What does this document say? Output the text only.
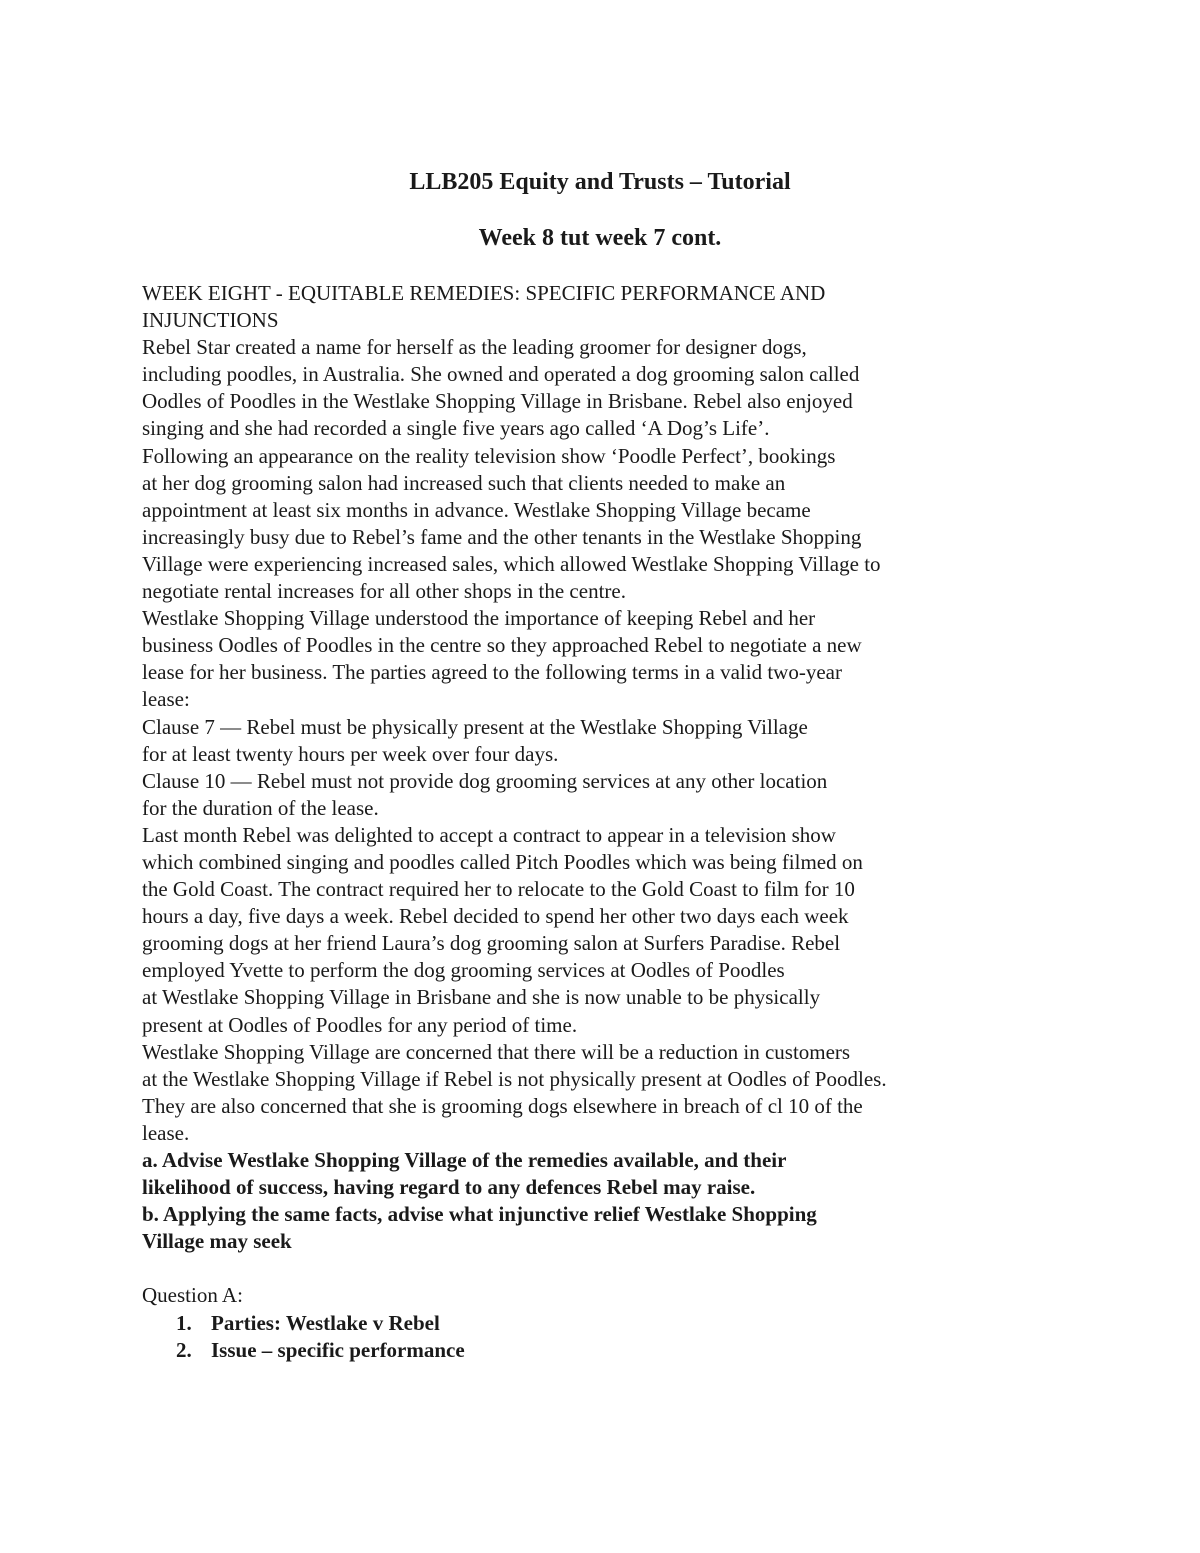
LLB205 Equity and Trusts – Tutorial
Week 8 tut week 7 cont.
WEEK EIGHT - EQUITABLE REMEDIES: SPECIFIC PERFORMANCE AND
INJUNCTIONS
Rebel Star created a name for herself as the leading groomer for designer dogs,
including poodles, in Australia. She owned and operated a dog grooming salon called
Oodles of Poodles in the Westlake Shopping Village in Brisbane. Rebel also enjoyed
singing and she had recorded a single five years ago called ‘A Dog’s Life’.
Following an appearance on the reality television show ‘Poodle Perfect’, bookings
at her dog grooming salon had increased such that clients needed to make an
appointment at least six months in advance. Westlake Shopping Village became
increasingly busy due to Rebel’s fame and the other tenants in the Westlake Shopping
Village were experiencing increased sales, which allowed Westlake Shopping Village to
negotiate rental increases for all other shops in the centre.
Westlake Shopping Village understood the importance of keeping Rebel and her
business Oodles of Poodles in the centre so they approached Rebel to negotiate a new
lease for her business. The parties agreed to the following terms in a valid two-year
lease:
Clause 7 — Rebel must be physically present at the Westlake Shopping Village
for at least twenty hours per week over four days.
Clause 10 — Rebel must not provide dog grooming services at any other location
for the duration of the lease.
Last month Rebel was delighted to accept a contract to appear in a television show
which combined singing and poodles called Pitch Poodles which was being filmed on
the Gold Coast. The contract required her to relocate to the Gold Coast to film for 10
hours a day, five days a week. Rebel decided to spend her other two days each week
grooming dogs at her friend Laura’s dog grooming salon at Surfers Paradise. Rebel
employed Yvette to perform the dog grooming services at Oodles of Poodles
at Westlake Shopping Village in Brisbane and she is now unable to be physically
present at Oodles of Poodles for any period of time.
Westlake Shopping Village are concerned that there will be a reduction in customers
at the Westlake Shopping Village if Rebel is not physically present at Oodles of Poodles.
They are also concerned that she is grooming dogs elsewhere in breach of cl 10 of the
lease.
a. Advise Westlake Shopping Village of the remedies available, and their
likelihood of success, having regard to any defences Rebel may raise.
b. Applying the same facts, advise what injunctive relief Westlake Shopping
Village may seek
Question A:
1. Parties: Westlake v Rebel
2. Issue – specific performance
